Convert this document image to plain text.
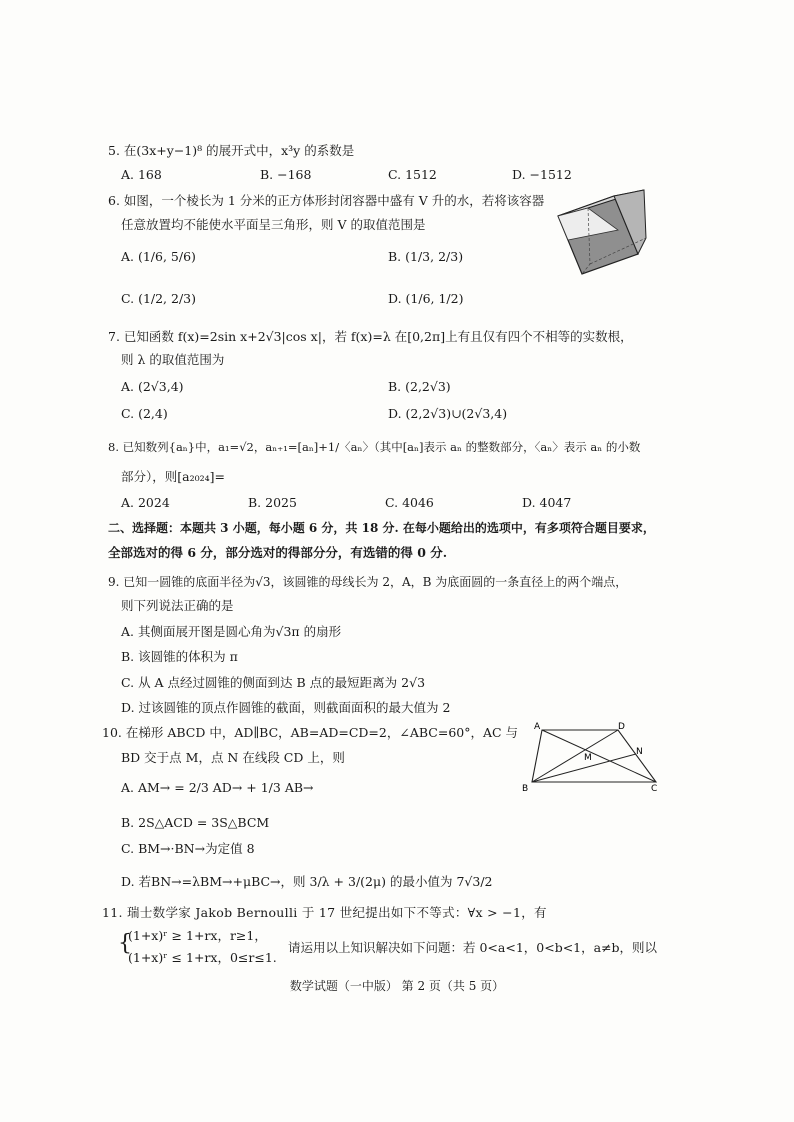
5. 在(3x+y−1)⁸ 的展开式中，x³y 的系数是
A. 168	B. −168	C. 1512	D. −1512
6. 如图，一个棱长为 1 分米的正方体形封闭容器中盛有 V 升的水，若将该容器
任意放置均不能使水平面呈三角形，则 V 的取值范围是
A. (1/6, 5/6)	B. (1/3, 2/3)
C. (1/2, 2/3)	D. (1/6, 1/2)
7. 已知函数 f(x)=2sin x+2√3|cos x|，若 f(x)=λ 在[0,2π]上有且仅有四个不相等的实数根，
则 λ 的取值范围为
A. (2√3,4)	B. (2,2√3)
C. (2,4)	D. (2,2√3)∪(2√3,4)
8. 已知数列{aₙ}中，a₁=√2，aₙ₊₁=[aₙ]+1/〈aₙ〉（其中[aₙ]表示 aₙ 的整数部分，〈aₙ〉表示 aₙ 的小数
部分），则[a₂₀₂₄]=
A. 2024	B. 2025	C. 4046	D. 4047
二、选择题：本题共 3 小题，每小题 6 分，共 18 分. 在每小题给出的选项中，有多项符合题目要求，
全部选对的得 6 分，部分选对的得部分分，有选错的得 0 分.
9. 已知一圆锥的底面半径为√3，该圆锥的母线长为 2，A，B 为底面圆的一条直径上的两个端点，
则下列说法正确的是
A. 其侧面展开图是圆心角为√3π 的扇形
B. 该圆锥的体积为 π
C. 从 A 点经过圆锥的侧面到达 B 点的最短距离为 2√3
D. 过该圆锥的顶点作圆锥的截面，则截面面积的最大值为 2
10. 在梯形 ABCD 中，AD∥BC，AB=AD=CD=2，∠ABC=60°，AC 与
BD 交于点 M，点 N 在线段 CD 上，则
A. AM→ = 2/3 AD→ + 1/3 AB→
B. 2S△ACD = 3S△BCM
C. BM→·BN→为定值 8
D. 若BN→=λBM→+μBC→，则 3/λ + 3/(2μ) 的最小值为 7√3/2
A	D
M
N
B	C
11. 瑞士数学家 Jakob Bernoulli 于 17 世纪提出如下不等式：∀x > −1，有
{
(1+x)ʳ ≥ 1+rx，r≥1，
(1+x)ʳ ≤ 1+rx，0≤r≤1.
请运用以上知识解决如下问题：若 0<a<1，0<b<1，a≠b，则以
数学试题（一中版） 第 2 页（共 5 页）
